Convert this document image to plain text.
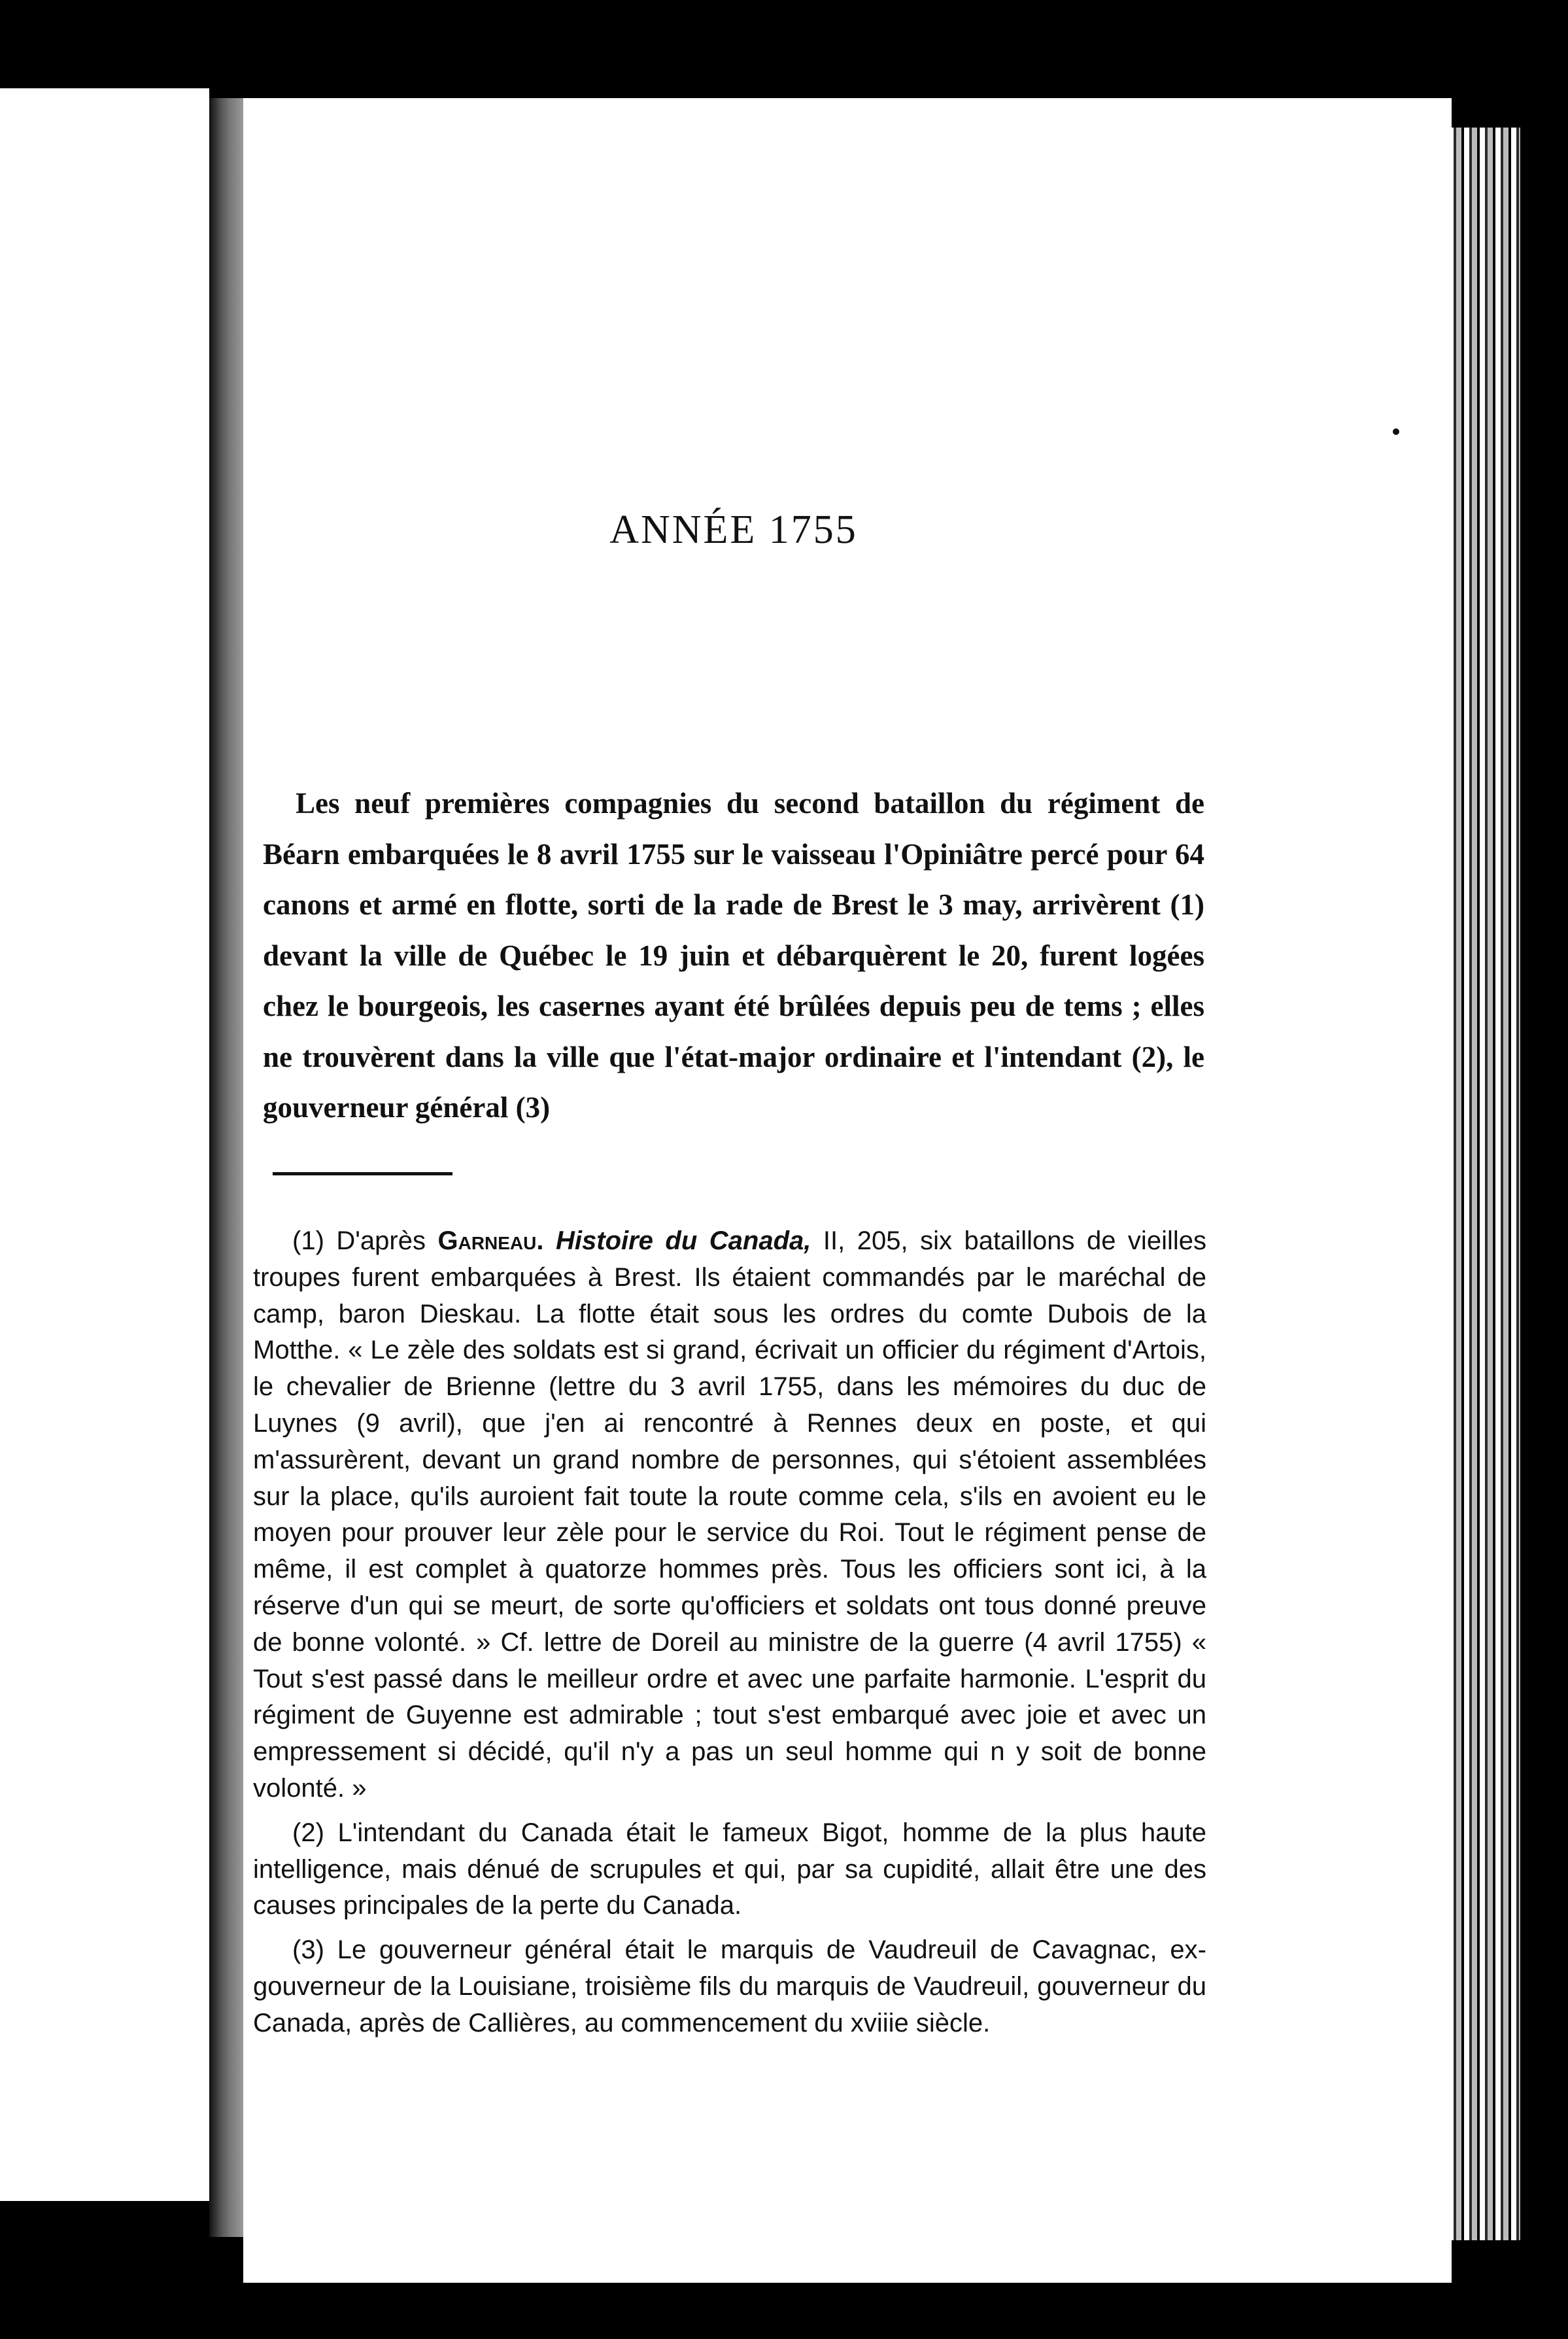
ANNÉE 1755

Les neuf premières compagnies du second bataillon du régiment de Béarn embarquées le 8 avril 1755 sur le vaisseau l'Opiniâtre percé pour 64 canons et armé en flotte, sorti de la rade de Brest le 3 may, arrivèrent (1) devant la ville de Québec le 19 juin et débarquèrent le 20, furent logées chez le bourgeois, les casernes ayant été brûlées depuis peu de tems ; elles ne trouvèrent dans la ville que l'état-major ordinaire et l'intendant (2), le gouverneur général (3)

(1) D'après Garneau. Histoire du Canada, II, 205, six bataillons de vieilles troupes furent embarquées à Brest. Ils étaient commandés par le maréchal de camp, baron Dieskau. La flotte était sous les ordres du comte Dubois de la Motthe. « Le zèle des soldats est si grand, écrivait un officier du régiment d'Artois, le chevalier de Brienne (lettre du 3 avril 1755, dans les mémoires du duc de Luynes (9 avril), que j'en ai rencontré à Rennes deux en poste, et qui m'assurèrent, devant un grand nombre de personnes, qui s'étoient assemblées sur la place, qu'ils auroient fait toute la route comme cela, s'ils en avoient eu le moyen pour prouver leur zèle pour le service du Roi. Tout le régiment pense de même, il est complet à quatorze hommes près. Tous les officiers sont ici, à la réserve d'un qui se meurt, de sorte qu'officiers et soldats ont tous donné preuve de bonne volonté. » Cf. lettre de Doreil au ministre de la guerre (4 avril 1755) « Tout s'est passé dans le meilleur ordre et avec une parfaite harmonie. L'esprit du régiment de Guyenne est admirable ; tout s'est embarqué avec joie et avec un empressement si décidé, qu'il n'y a pas un seul homme qui n y soit de bonne volonté. »

(2) L'intendant du Canada était le fameux Bigot, homme de la plus haute intelligence, mais dénué de scrupules et qui, par sa cupidité, allait être une des causes principales de la perte du Canada.

(3) Le gouverneur général était le marquis de Vaudreuil de Cavagnac, ex-gouverneur de la Louisiane, troisième fils du marquis de Vaudreuil, gouverneur du Canada, après de Callières, au commencement du xviiie siècle.
